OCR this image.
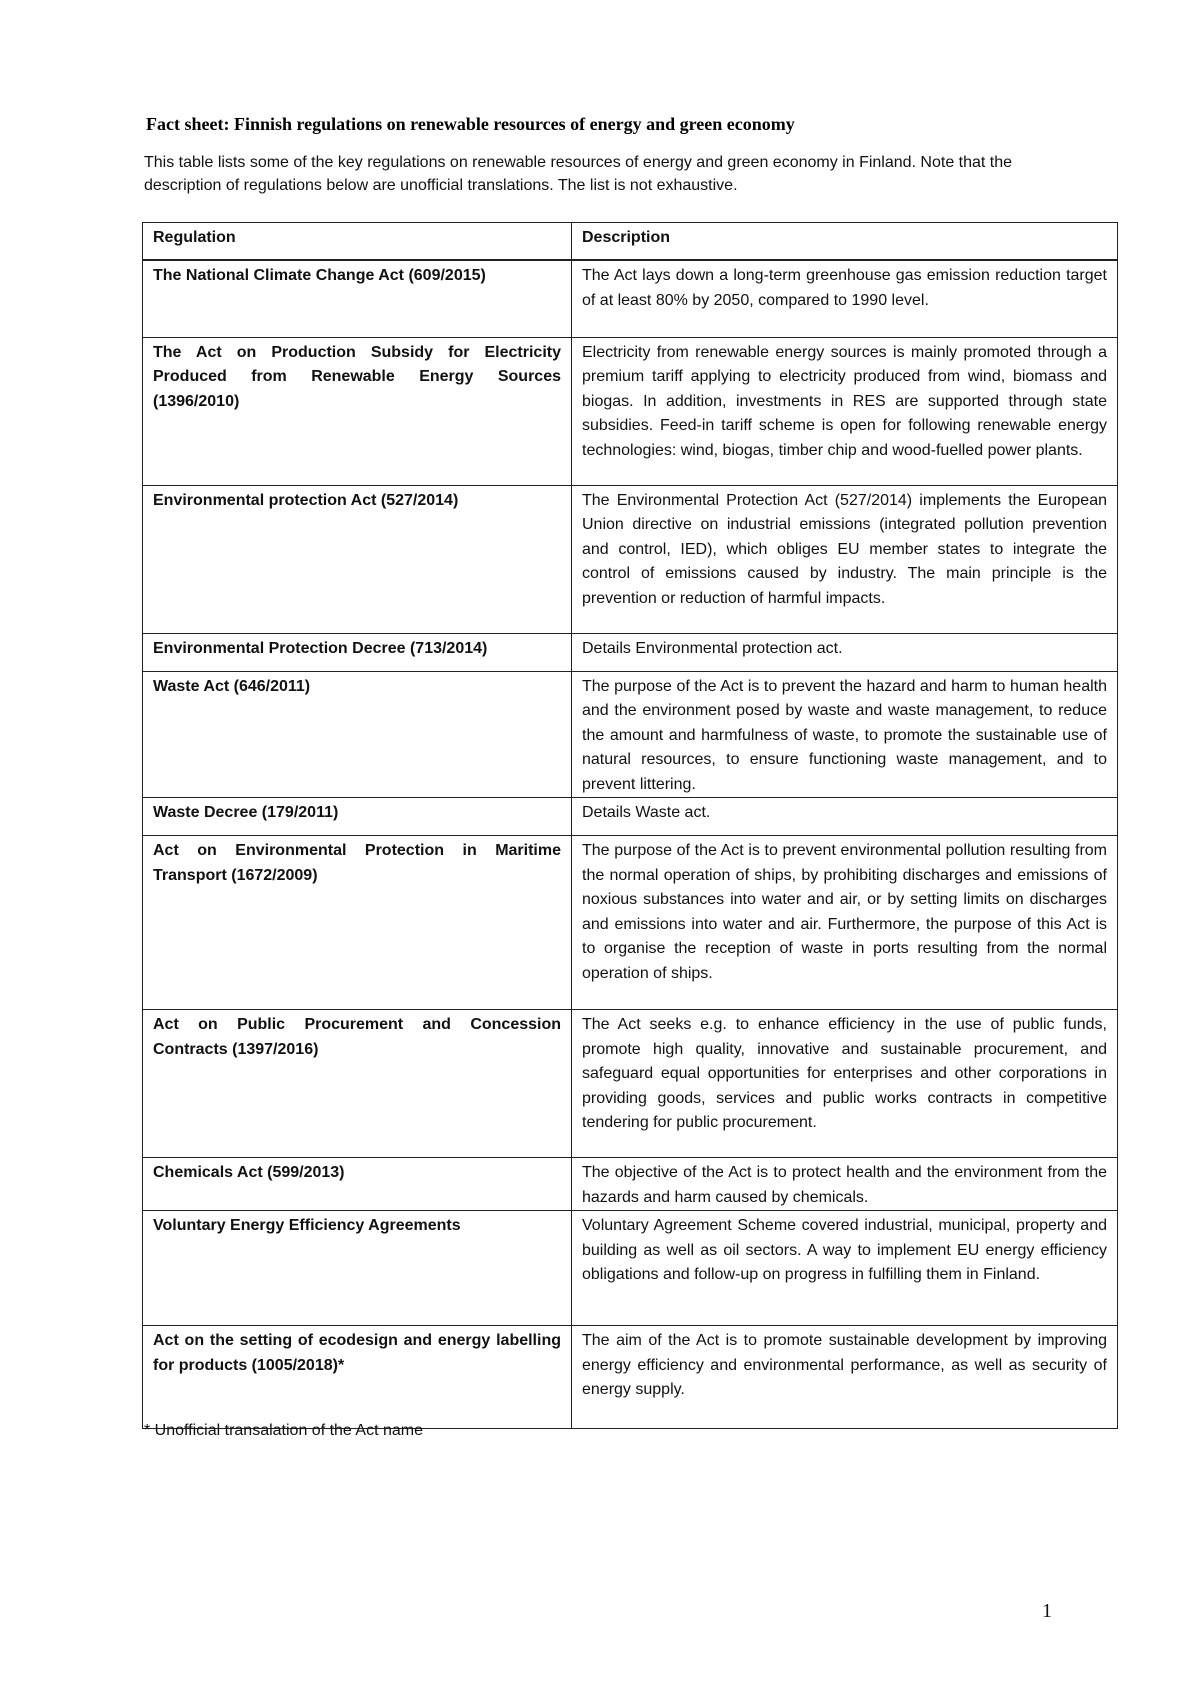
Fact sheet: Finnish regulations on renewable resources of energy and green economy
This table lists some of the key regulations on renewable resources of energy and green economy in Finland. Note that the description of regulations below are unofficial translations. The list is not exhaustive.
Regulation	Description
The National Climate Change Act (609/2015)	The Act lays down a long-term greenhouse gas emission reduction target of at least 80% by 2050, compared to 1990 level.
The Act on Production Subsidy for Electricity Produced from Renewable Energy Sources (1396/2010)	Electricity from renewable energy sources is mainly promoted through a premium tariff applying to electricity produced from wind, biomass and biogas. In addition, investments in RES are supported through state subsidies. Feed-in tariff scheme is open for following renewable energy technologies: wind, biogas, timber chip and wood-fuelled power plants.
Environmental protection Act (527/2014)	The Environmental Protection Act (527/2014) implements the European Union directive on industrial emissions (integrated pollution prevention and control, IED), which obliges EU member states to integrate the control of emissions caused by industry. The main principle is the prevention or reduction of harmful impacts.
Environmental Protection Decree (713/2014)	Details Environmental protection act.
Waste Act (646/2011)	The purpose of the Act is to prevent the hazard and harm to human health and the environment posed by waste and waste management, to reduce the amount and harmfulness of waste, to promote the sustainable use of natural resources, to ensure functioning waste management, and to prevent littering.
Waste Decree (179/2011)	Details Waste act.
Act on Environmental Protection in Maritime Transport (1672/2009)	The purpose of the Act is to prevent environmental pollution resulting from the normal operation of ships, by prohibiting discharges and emissions of noxious substances into water and air, or by setting limits on discharges and emissions into water and air. Furthermore, the purpose of this Act is to organise the reception of waste in ports resulting from the normal operation of ships.
Act on Public Procurement and Concession Contracts (1397/2016)	The Act seeks e.g. to enhance efficiency in the use of public funds, promote high quality, innovative and sustainable procurement, and safeguard equal opportunities for enterprises and other corporations in providing goods, services and public works contracts in competitive tendering for public procurement.
Chemicals Act (599/2013)	The objective of the Act is to protect health and the environment from the hazards and harm caused by chemicals.
Voluntary Energy Efficiency Agreements	Voluntary Agreement Scheme covered industrial, municipal, property and building as well as oil sectors. A way to implement EU energy efficiency obligations and follow-up on progress in fulfilling them in Finland.
Act on the setting of ecodesign and energy labelling for products (1005/2018)*	The aim of the Act is to promote sustainable development by improving energy efficiency and environmental performance, as well as security of energy supply.
* Unofficial transalation of the Act name
1
